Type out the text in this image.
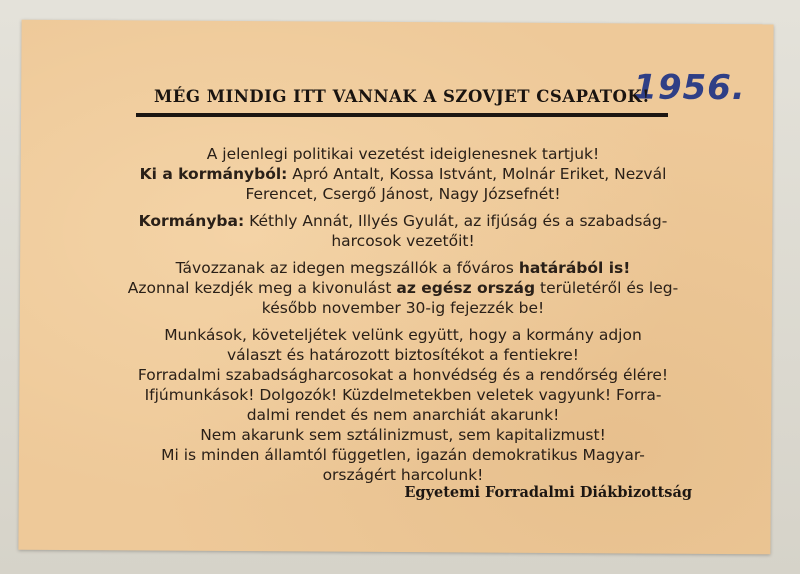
1956.
MÉG MINDIG ITT VANNAK A SZOVJET CSAPATOK!
A jelenlegi politikai vezetést ideiglenesnek tartjuk!
Ki a kormányból: Apró Antalt, Kossa Istvánt, Molnár Eriket, Nezvál
Ferencet, Csergő Jánost, Nagy Józsefnét!
Kormányba: Kéthly Annát, Illyés Gyulát, az ifjúság és a szabadság-
harcosok vezetőit!
Távozzanak az idegen megszállók a főváros határából is!
Azonnal kezdjék meg a kivonulást az egész ország területéről és leg-
később november 30-ig fejezzék be!
Munkások, követeljétek velünk együtt, hogy a kormány adjon
választ és határozott biztosítékot a fentiekre!
Forradalmi szabadságharcosokat a honvédség és a rendőrség élére!
Ifjúmunkások! Dolgozók! Küzdelmetekben veletek vagyunk! Forra-
dalmi rendet és nem anarchiát akarunk!
Nem akarunk sem sztálinizmust, sem kapitalizmust!
Mi is minden államtól független, igazán demokratikus Magyar-
országért harcolunk!
Egyetemi Forradalmi Diákbizottság
